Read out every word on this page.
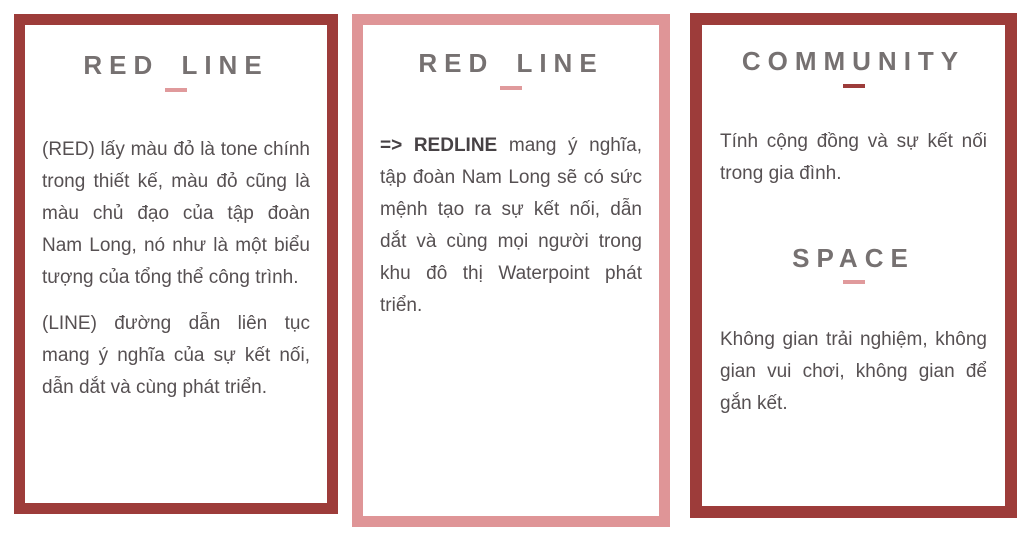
RED LINE

(RED) lấy màu đỏ là tone chính trong thiết kế, màu đỏ cũng là màu chủ đạo của tập đoàn Nam Long, nó như là một biểu tượng của tổng thể công trình.

(LINE) đường dẫn liên tục mang ý nghĩa của sự kết nối, dẫn dắt và cùng phát triển.

RED LINE

=> REDLINE mang ý nghĩa, tập đoàn Nam Long sẽ có sức mệnh tạo ra sự kết nối, dẫn dắt và cùng mọi người trong khu đô thị Waterpoint phát triển.

COMMUNITY

Tính cộng đồng và sự kết nối trong gia đình.

SPACE

Không gian trải nghiệm, không gian vui chơi, không gian để gắn kết.
